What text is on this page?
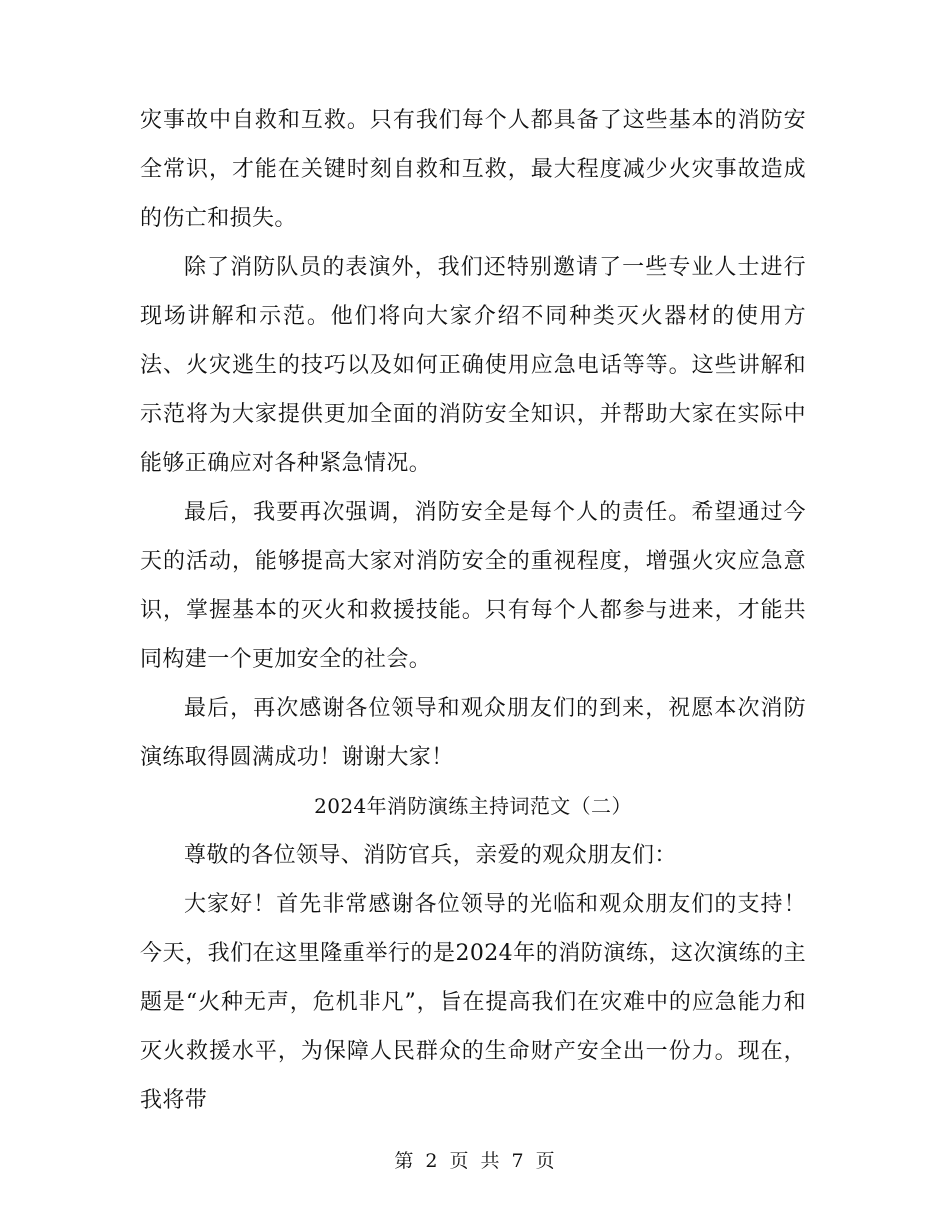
灾事故中自救和互救。只有我们每个人都具备了这些基本的消防安全常识，才能在关键时刻自救和互救，最大程度减少火灾事故造成的伤亡和损失。

除了消防队员的表演外，我们还特别邀请了一些专业人士进行现场讲解和示范。他们将向大家介绍不同种类灭火器材的使用方法、火灾逃生的技巧以及如何正确使用应急电话等等。这些讲解和示范将为大家提供更加全面的消防安全知识，并帮助大家在实际中能够正确应对各种紧急情况。

最后，我要再次强调，消防安全是每个人的责任。希望通过今天的活动，能够提高大家对消防安全的重视程度，增强火灾应急意识，掌握基本的灭火和救援技能。只有每个人都参与进来，才能共同构建一个更加安全的社会。

最后，再次感谢各位领导和观众朋友们的到来，祝愿本次消防演练取得圆满成功！谢谢大家！

2024年消防演练主持词范文（二）

尊敬的各位领导、消防官兵，亲爱的观众朋友们：

大家好！首先非常感谢各位领导的光临和观众朋友们的支持！今天，我们在这里隆重举行的是2024年的消防演练，这次演练的主题是“火种无声，危机非凡”，旨在提高我们在灾难中的应急能力和灭火救援水平，为保障人民群众的生命财产安全出一份力。现在，我将带

第 2 页 共 7 页
